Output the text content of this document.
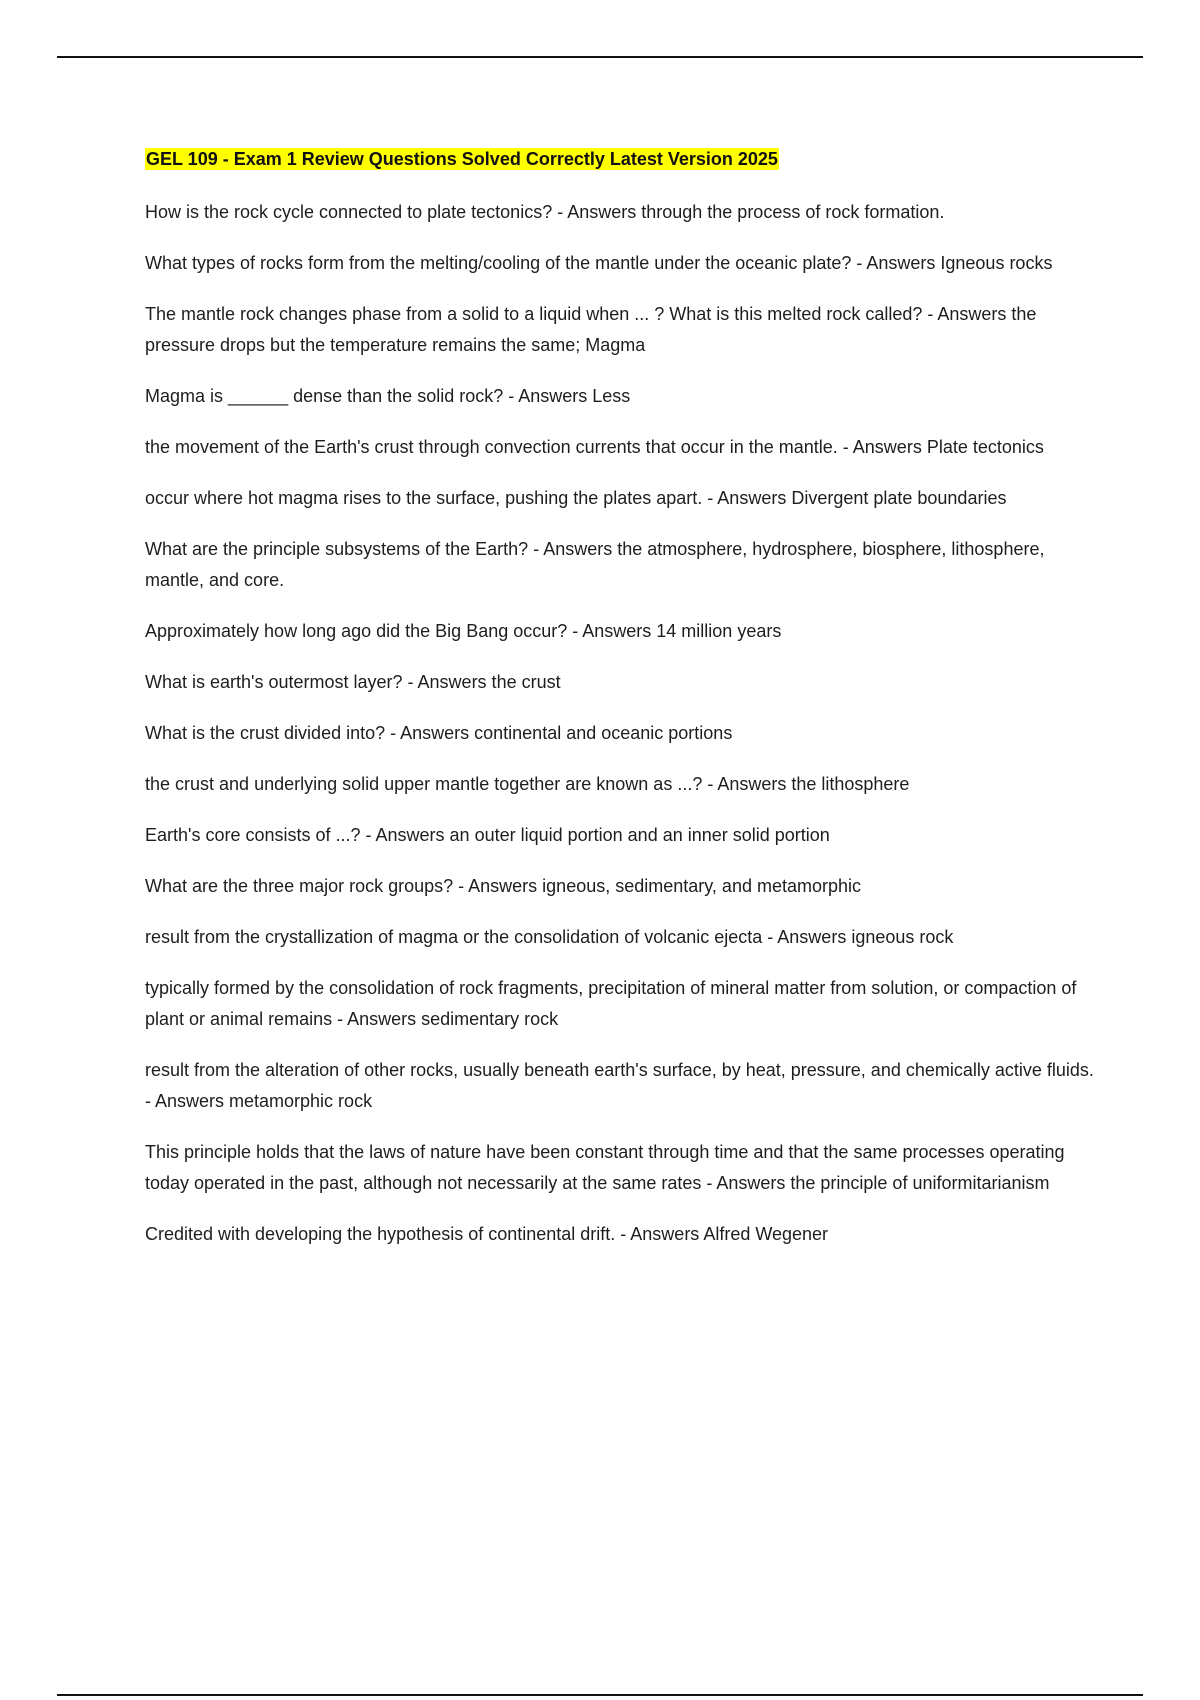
GEL 109 - Exam 1 Review Questions Solved Correctly Latest Version 2025
How is the rock cycle connected to plate tectonics? - Answers through the process of rock formation.
What types of rocks form from the melting/cooling of the mantle under the oceanic plate? - Answers Igneous rocks
The mantle rock changes phase from a solid to a liquid when ... ? What is this melted rock called? - Answers the pressure drops but the temperature remains the same; Magma
Magma is ______ dense than the solid rock? - Answers Less
the movement of the Earth's crust through convection currents that occur in the mantle. - Answers Plate tectonics
occur where hot magma rises to the surface, pushing the plates apart. - Answers Divergent plate boundaries
What are the principle subsystems of the Earth? - Answers the atmosphere, hydrosphere, biosphere, lithosphere, mantle, and core.
Approximately how long ago did the Big Bang occur? - Answers 14 million years
What is earth's outermost layer? - Answers the crust
What is the crust divided into? - Answers continental and oceanic portions
the crust and underlying solid upper mantle together are known as ...? - Answers the lithosphere
Earth's core consists of ...? - Answers an outer liquid portion and an inner solid portion
What are the three major rock groups? - Answers igneous, sedimentary, and metamorphic
result from the crystallization of magma or the consolidation of volcanic ejecta - Answers igneous rock
typically formed by the consolidation of rock fragments, precipitation of mineral matter from solution, or compaction of plant or animal remains - Answers sedimentary rock
result from the alteration of other rocks, usually beneath earth's surface, by heat, pressure, and chemically active fluids. - Answers metamorphic rock
This principle holds that the laws of nature have been constant through time and that the same processes operating today operated in the past, although not necessarily at the same rates - Answers the principle of uniformitarianism
Credited with developing the hypothesis of continental drift. - Answers Alfred Wegener
